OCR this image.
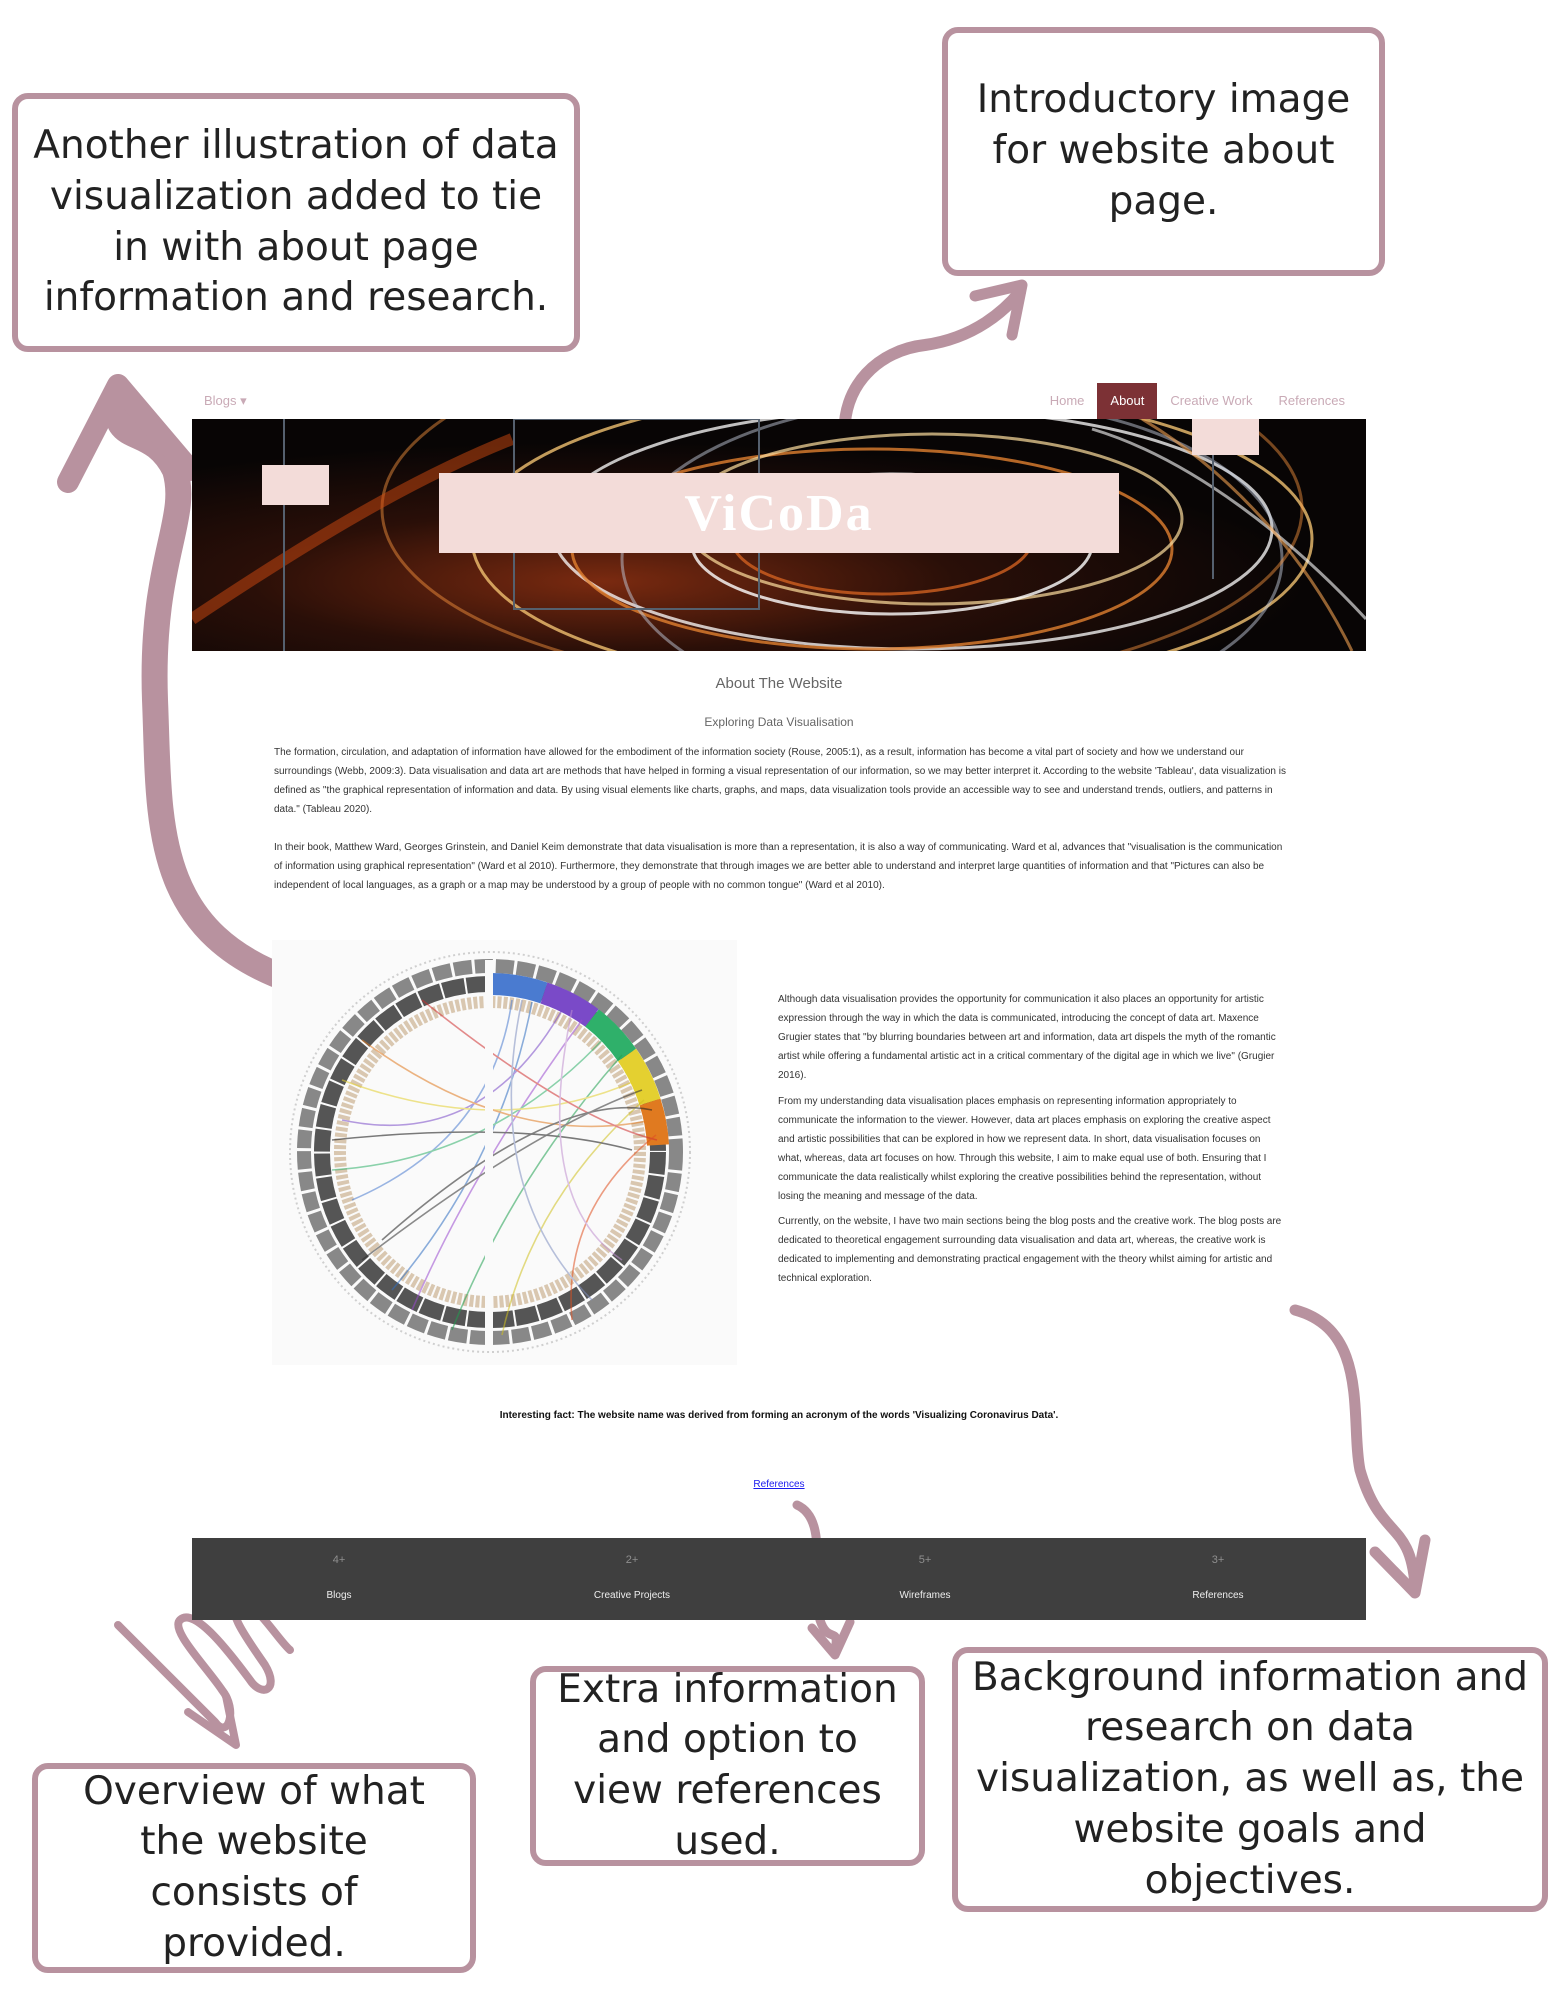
Another illustration of data visualization added to tie in with about page information and research.
Introductory image for website about page.
Overview of what the website consists of provided.
Extra information and option to view references used.
Background information and research on data visualization, as well as, the website goals and objectives.
Blogs ▾	Home	About	Creative Work	References
ViCoDa
About The Website
Exploring Data Visualisation

The formation, circulation, and adaptation of information have allowed for the embodiment of the information society (Rouse, 2005:1), as a result, information has become a vital part of society and how we understand our surroundings (Webb, 2009:3). Data visualisation and data art are methods that have helped in forming a visual representation of our information, so we may better interpret it. According to the website 'Tableau', data visualization is defined as "the graphical representation of information and data. By using visual elements like charts, graphs, and maps, data visualization tools provide an accessible way to see and understand trends, outliers, and patterns in data." (Tableau 2020).

In their book, Matthew Ward, Georges Grinstein, and Daniel Keim demonstrate that data visualisation is more than a representation, it is also a way of communicating. Ward et al, advances that "visualisation is the communication of information using graphical representation" (Ward et al 2010). Furthermore, they demonstrate that through images we are better able to understand and interpret large quantities of information and that "Pictures can also be independent of local languages, as a graph or a map may be understood by a group of people with no common tongue" (Ward et al 2010).

Although data visualisation provides the opportunity for communication it also places an opportunity for artistic expression through the way in which the data is communicated, introducing the concept of data art. Maxence Grugier states that "by blurring boundaries between art and information, data art dispels the myth of the romantic artist while offering a fundamental artistic act in a critical commentary of the digital age in which we live" (Grugier 2016).

From my understanding data visualisation places emphasis on representing information appropriately to communicate the information to the viewer. However, data art places emphasis on exploring the creative aspect and artistic possibilities that can be explored in how we represent data. In short, data visualisation focuses on what, whereas, data art focuses on how. Through this website, I aim to make equal use of both. Ensuring that I communicate the data realistically whilst exploring the creative possibilities behind the representation, without losing the meaning and message of the data.

Currently, on the website, I have two main sections being the blog posts and the creative work. The blog posts are dedicated to theoretical engagement surrounding data visualisation and data art, whereas, the creative work is dedicated to implementing and demonstrating practical engagement with the theory whilst aiming for artistic and technical exploration.

Interesting fact: The website name was derived from forming an acronym of the words 'Visualizing Coronavirus Data'.
References
4+
Blogs
2+
Creative Projects
5+
Wireframes
3+
References
